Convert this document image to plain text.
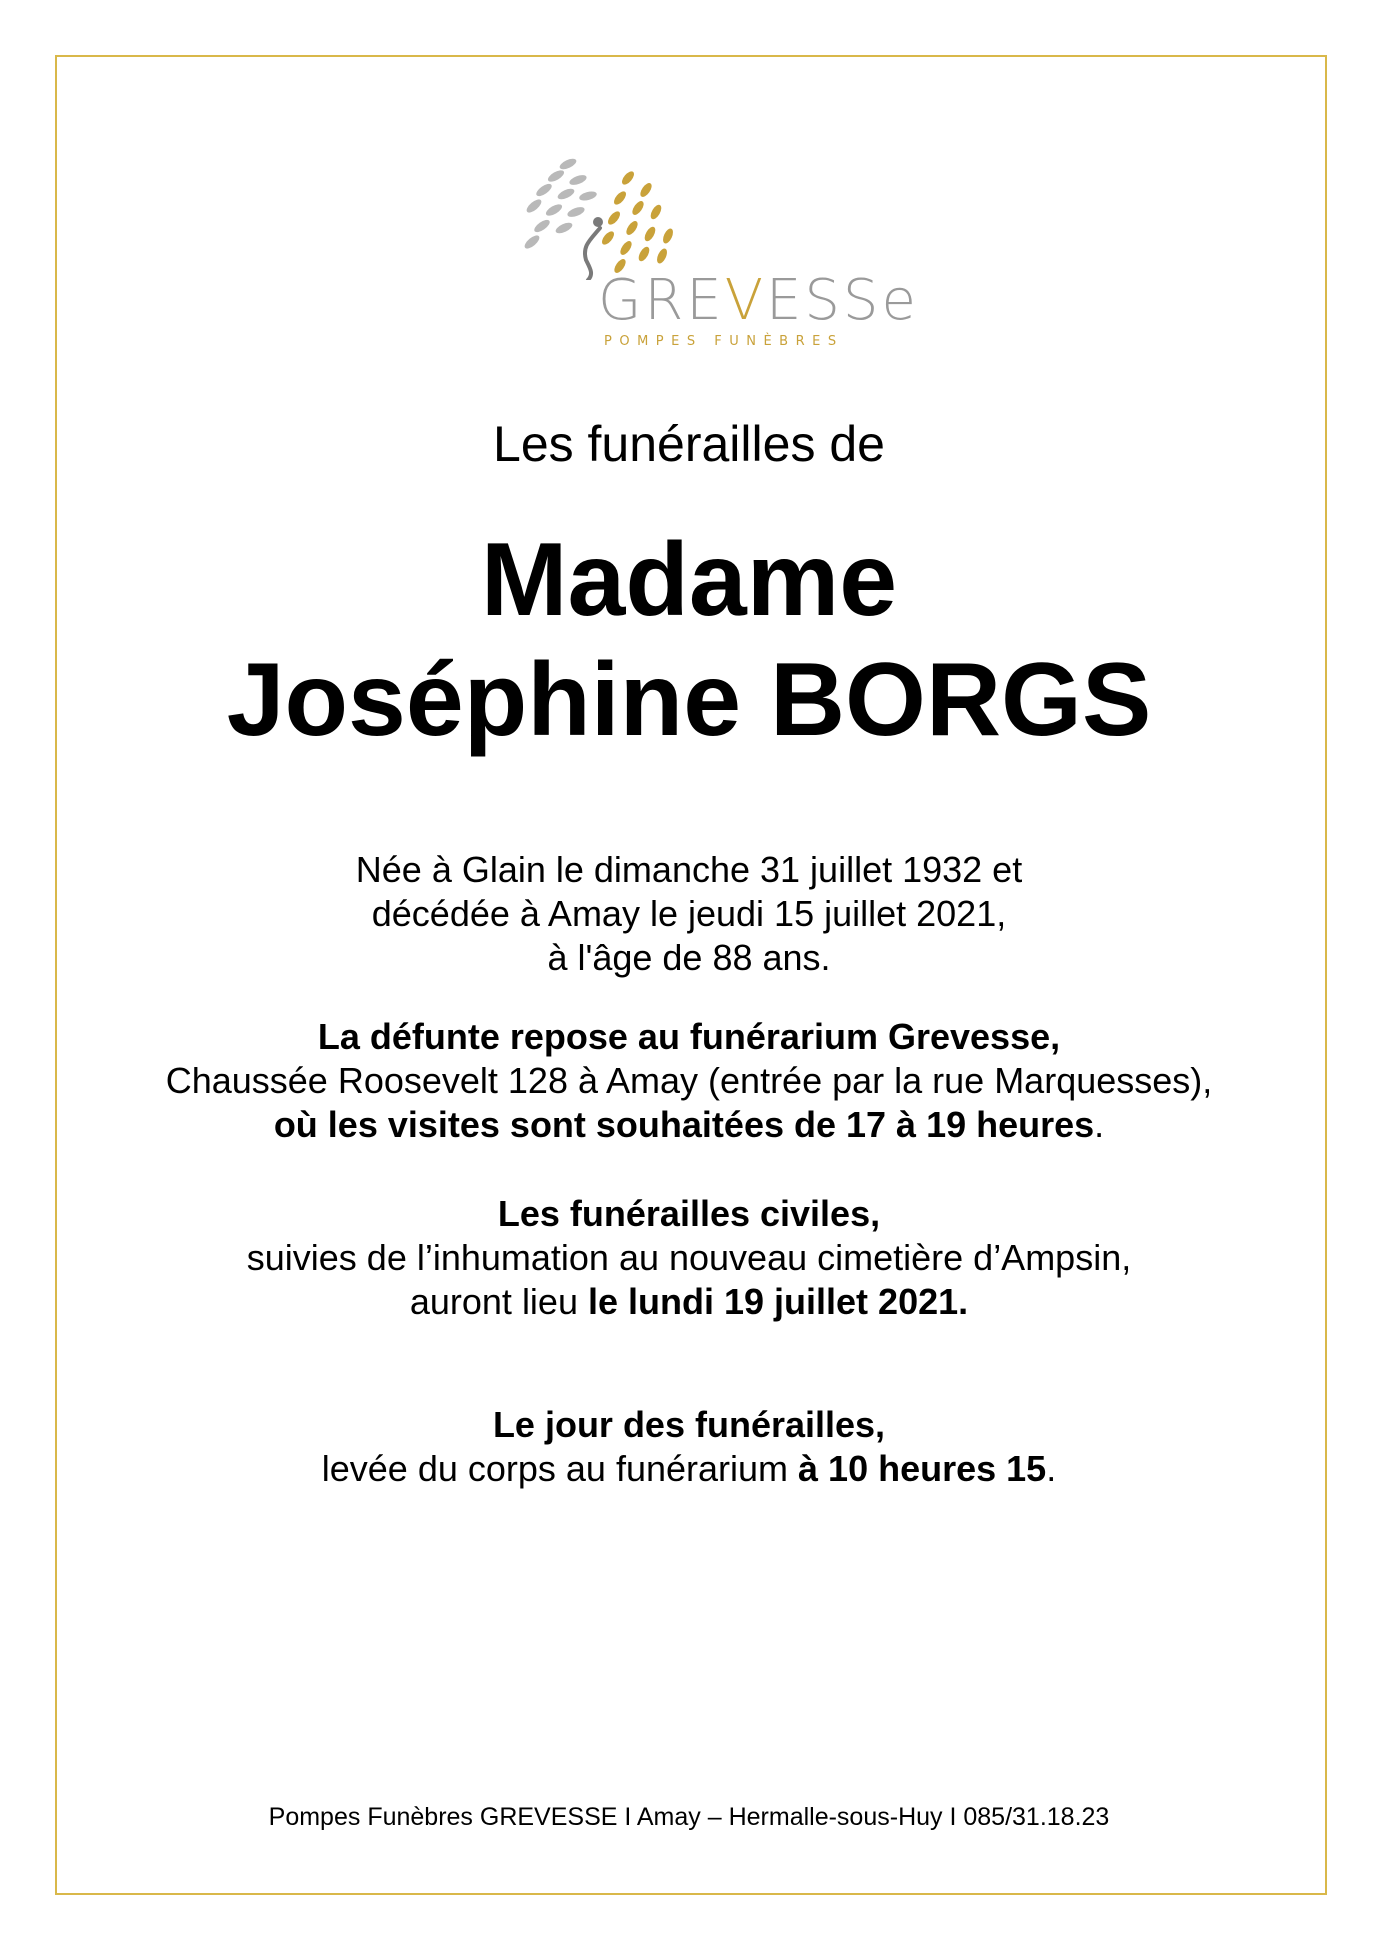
GREVESSe
POMPES FUNÈBRES
Les funérailles de
Madame
Joséphine BORGS
Née à Glain le dimanche 31 juillet 1932 et
décédée à Amay le jeudi 15 juillet 2021,
à l'âge de 88 ans.
La défunte repose au funérarium Grevesse,
Chaussée Roosevelt 128 à Amay (entrée par la rue Marquesses),
où les visites sont souhaitées de 17 à 19 heures.
Les funérailles civiles,
suivies de l’inhumation au nouveau cimetière d’Ampsin,
auront lieu le lundi 19 juillet 2021.
Le jour des funérailles,
levée du corps au funérarium à 10 heures 15.
Pompes Funèbres GREVESSE I Amay – Hermalle-sous-Huy I 085/31.18.23
